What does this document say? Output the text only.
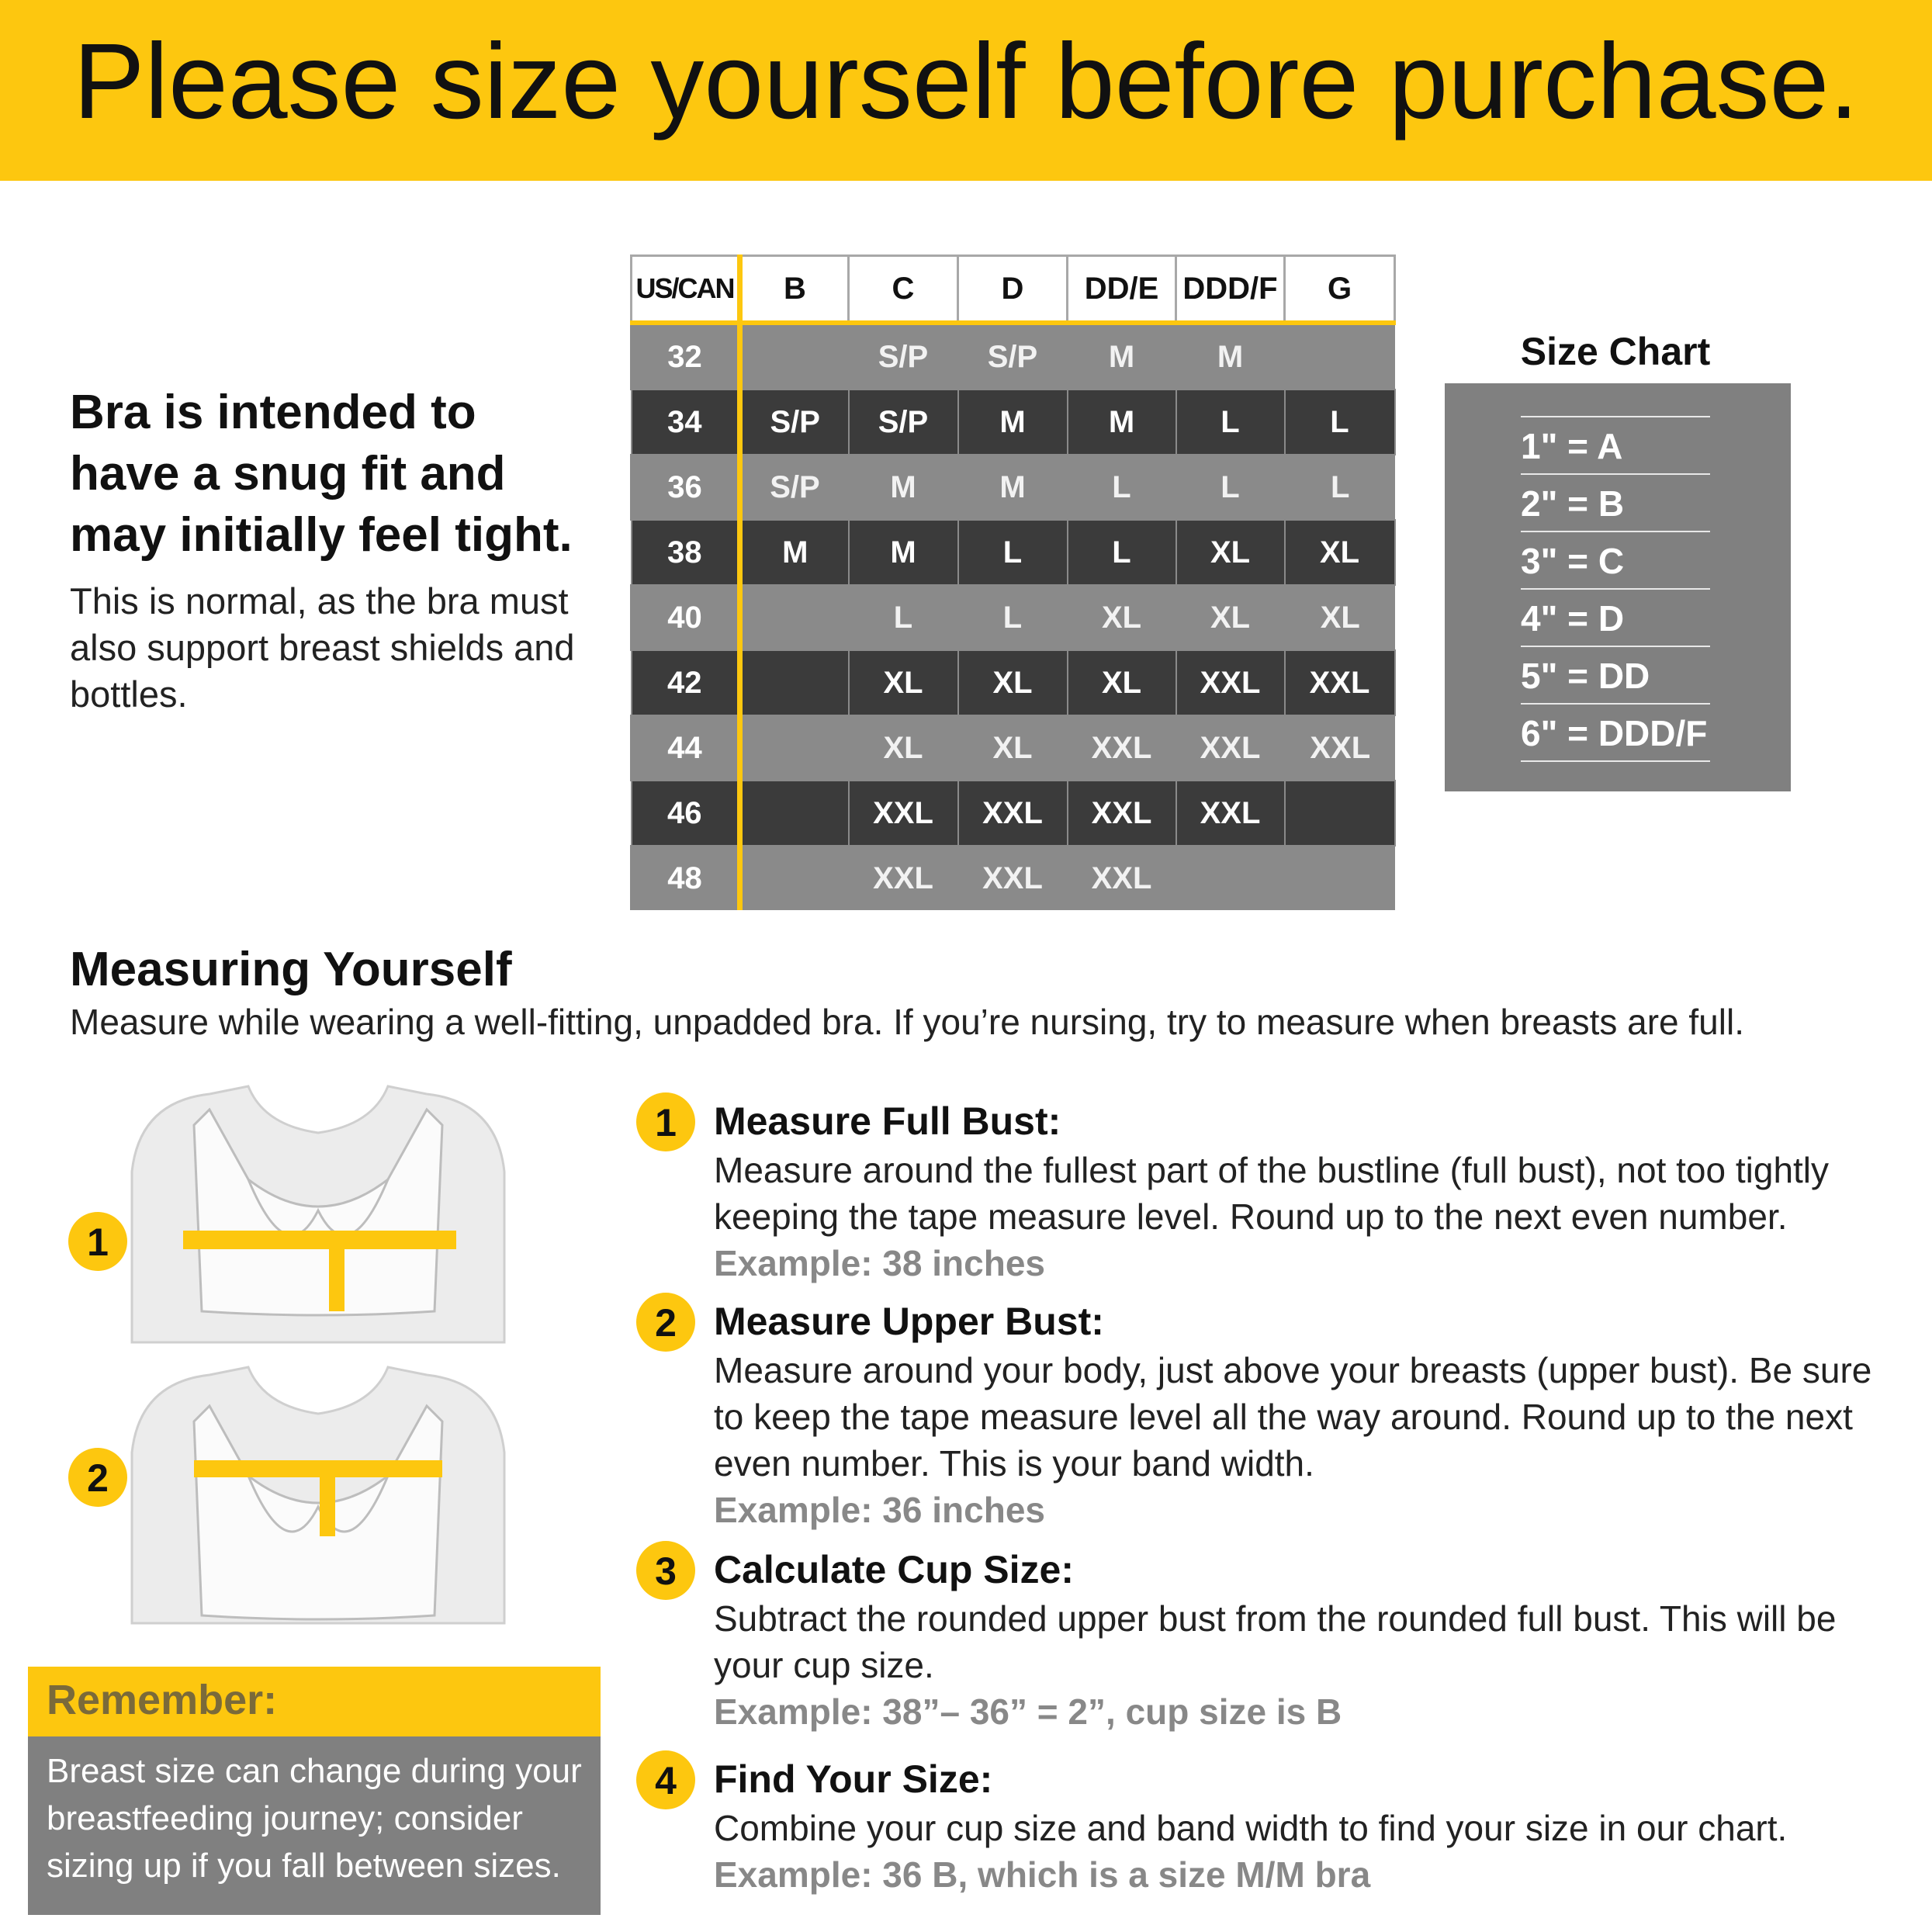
Please size yourself before purchase.
Bra is intended to have a snug fit and may initially feel tight.
This is normal, as the bra must also support breast shields and bottles.
US/CAN	B	C	D	DD/E	DDD/F	G
32		S/P	S/P	M	M	
34	S/P	S/P	M	M	L	L
36	S/P	M	M	L	L	L
38	M	M	L	L	XL	XL
40		L	L	XL	XL	XL
42		XL	XL	XL	XXL	XXL
44		XL	XL	XXL	XXL	XXL
46		XXL	XXL	XXL	XXL	
48		XXL	XXL	XXL		
Size Chart
1" = A
2" = B
3" = C
4" = D
5" = DD
6" = DDD/F
Measuring Yourself
Measure while wearing a well-fitting, unpadded bra. If you’re nursing, try to measure when breasts are full.
1
2
Remember:
Breast size can change during your breastfeeding journey; consider sizing up if you fall between sizes.
1 Measure Full Bust:
Measure around the fullest part of the bustline (full bust), not too tightly keeping the tape measure level. Round up to the next even number.
Example: 38 inches
2 Measure Upper Bust:
Measure around your body, just above your breasts (upper bust). Be sure to keep the tape measure level all the way around. Round up to the next even number. This is your band width.
Example: 36 inches
3 Calculate Cup Size:
Subtract the rounded upper bust from the rounded full bust. This will be your cup size.
Example: 38”– 36” = 2”, cup size is B
4 Find Your Size:
Combine your cup size and band width to find your size in our chart.
Example: 36 B, which is a size M/M bra
